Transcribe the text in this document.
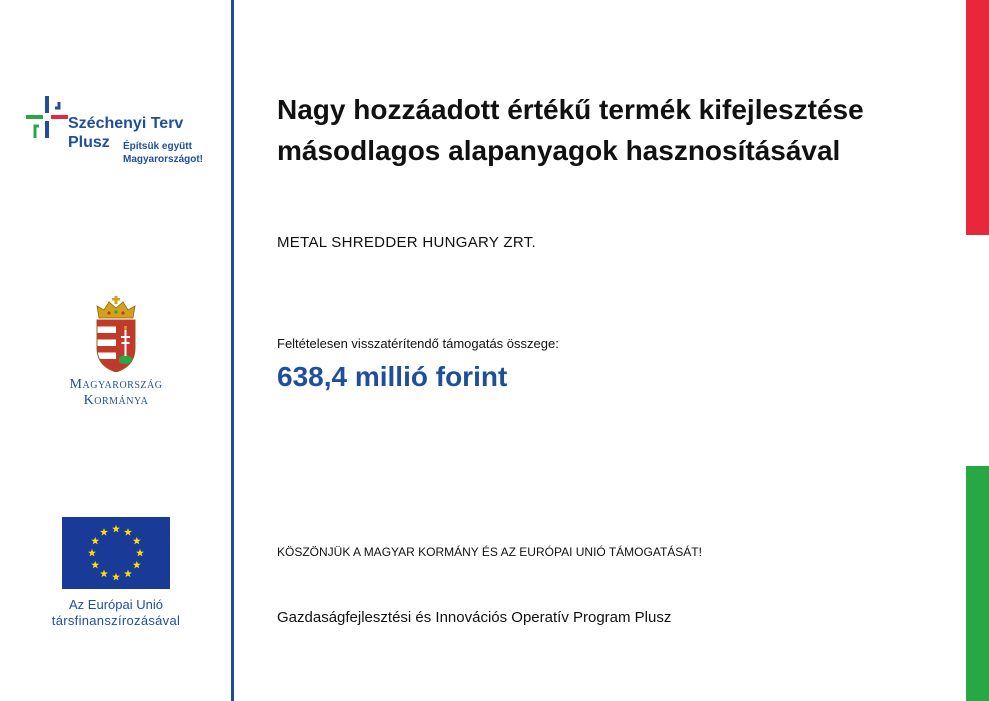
Széchenyi Terv
Plusz Építsük együtt
Magyarországot!
Magyarország
Kormánya
Az Európai Unió
társfinanszírozásával
Nagy hozzáadott értékű termék kifejlesztése másodlagos alapanyagok hasznosításával
METAL SHREDDER HUNGARY ZRT.
Feltételesen visszatérítendő támogatás összege:
638,4 millió forint
KÖSZÖNJÜK A MAGYAR KORMÁNY ÉS AZ EURÓPAI UNIÓ TÁMOGATÁSÁT!
Gazdaságfejlesztési és Innovációs Operatív Program Plusz
